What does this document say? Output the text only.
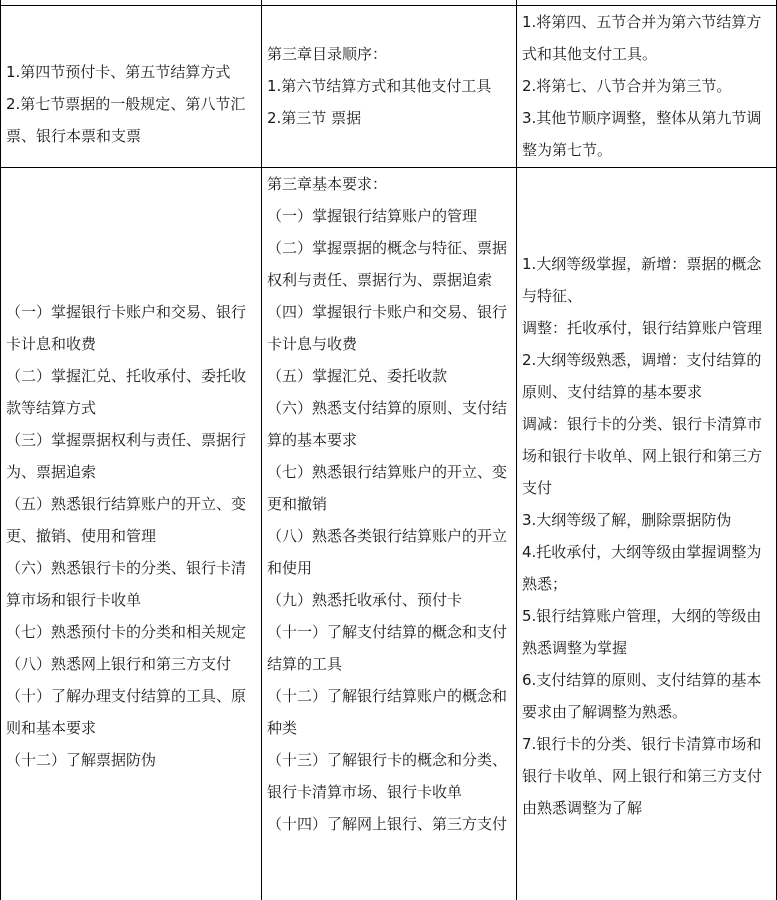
1.第四节预付卡、第五节结算方式

2.第七节票据的一般规定、第八节汇票、银行本票和支票

第三章目录顺序：

1.第六节结算方式和其他支付工具

2.第三节 票据

1.将第四、五节合并为第六节结算方式和其他支付工具。

2.将第七、八节合并为第三节。

3.其他节顺序调整，整体从第九节调整为第七节。

（一）掌握银行卡账户和交易、银行卡计息和收费

（二）掌握汇兑、托收承付、委托收款等结算方式

（三）掌握票据权利与责任、票据行为、票据追索

（五）熟悉银行结算账户的开立、变更、撤销、使用和管理

（六）熟悉银行卡的分类、银行卡清算市场和银行卡收单

（七）熟悉预付卡的分类和相关规定

（八）熟悉网上银行和第三方支付

（十）了解办理支付结算的工具、原则和基本要求

（十二）了解票据防伪

第三章基本要求：

（一）掌握银行结算账户的管理

（二）掌握票据的概念与特征、票据权利与责任、票据行为、票据追索

（四）掌握银行卡账户和交易、银行卡计息与收费

（五）掌握汇兑、委托收款

（六）熟悉支付结算的原则、支付结算的基本要求

（七）熟悉银行结算账户的开立、变更和撤销

（八）熟悉各类银行结算账户的开立和使用

（九）熟悉托收承付、预付卡

（十一）了解支付结算的概念和支付结算的工具

（十二）了解银行结算账户的概念和种类

（十三）了解银行卡的概念和分类、银行卡清算市场、银行卡收单

（十四）了解网上银行、第三方支付

1.大纲等级掌握，新增：票据的概念与特征、

调整：托收承付，银行结算账户管理

2.大纲等级熟悉，调增：支付结算的原则、支付结算的基本要求

调减：银行卡的分类、银行卡清算市场和银行卡收单、网上银行和第三方支付

3.大纲等级了解，删除票据防伪

4.托收承付，大纲等级由掌握调整为熟悉；

5.银行结算账户管理，大纲的等级由熟悉调整为掌握

6.支付结算的原则、支付结算的基本要求由了解调整为熟悉。

7.银行卡的分类、银行卡清算市场和银行卡收单、网上银行和第三方支付由熟悉调整为了解
